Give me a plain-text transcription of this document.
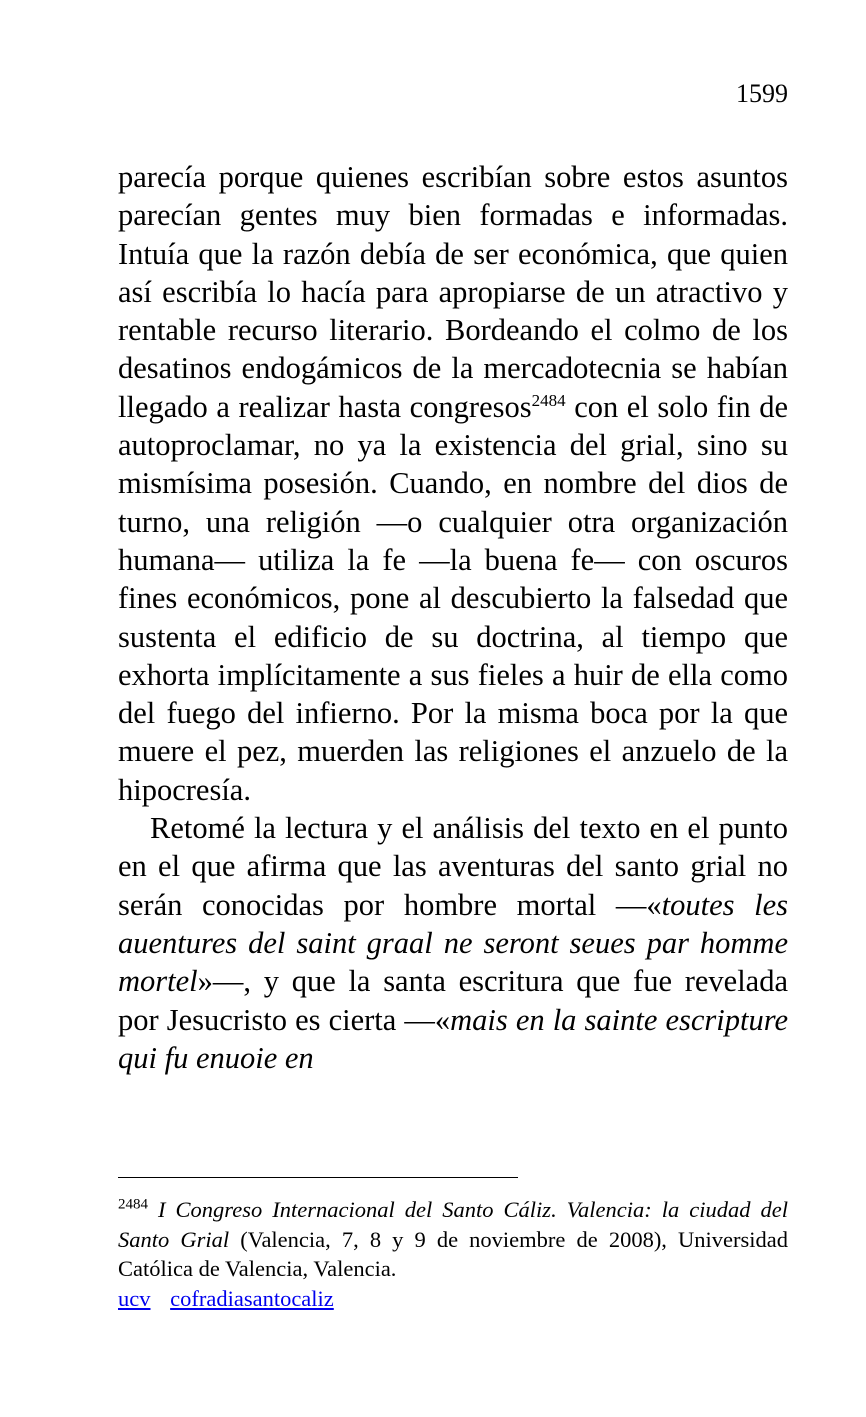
1599

parecía porque quienes escribían sobre estos asuntos parecían gentes muy bien formadas e informadas. Intuía que la razón debía de ser económica, que quien así escribía lo hacía para apropiarse de un atractivo y rentable recurso literario. Bordeando el colmo de los desatinos endogámicos de la mercadotecnia se habían llegado a realizar hasta congresos$^{2484}$ con el solo fin de autoproclamar, no ya la existencia del grial, sino su mismísima posesión. Cuando, en nombre del dios de turno, una religión —o cualquier otra organización humana— utiliza la fe —la buena fe— con oscuros fines económicos, pone al descubierto la falsedad que sustenta el edificio de su doctrina, al tiempo que exhorta implícitamente a sus fieles a huir de ella como del fuego del infierno. Por la misma boca por la que muere el pez, muerden las religiones el anzuelo de la hipocresía.

Retomé la lectura y el análisis del texto en el punto en el que afirma que las aventuras del santo grial no serán conocidas por hombre mortal —«toutes les auentures del saint graal ne seront seues par homme mortel»—, y que la santa escritura que fue revelada por Jesucristo es cierta —«mais en la sainte escripture qui fu enuoie en

$^{2484}$ I Congreso Internacional del Santo Cáliz. Valencia: la ciudad del Santo Grial (Valencia, 7, 8 y 9 de noviembre de 2008), Universidad Católica de Valencia, Valencia.

ucv cofradiasantocaliz
